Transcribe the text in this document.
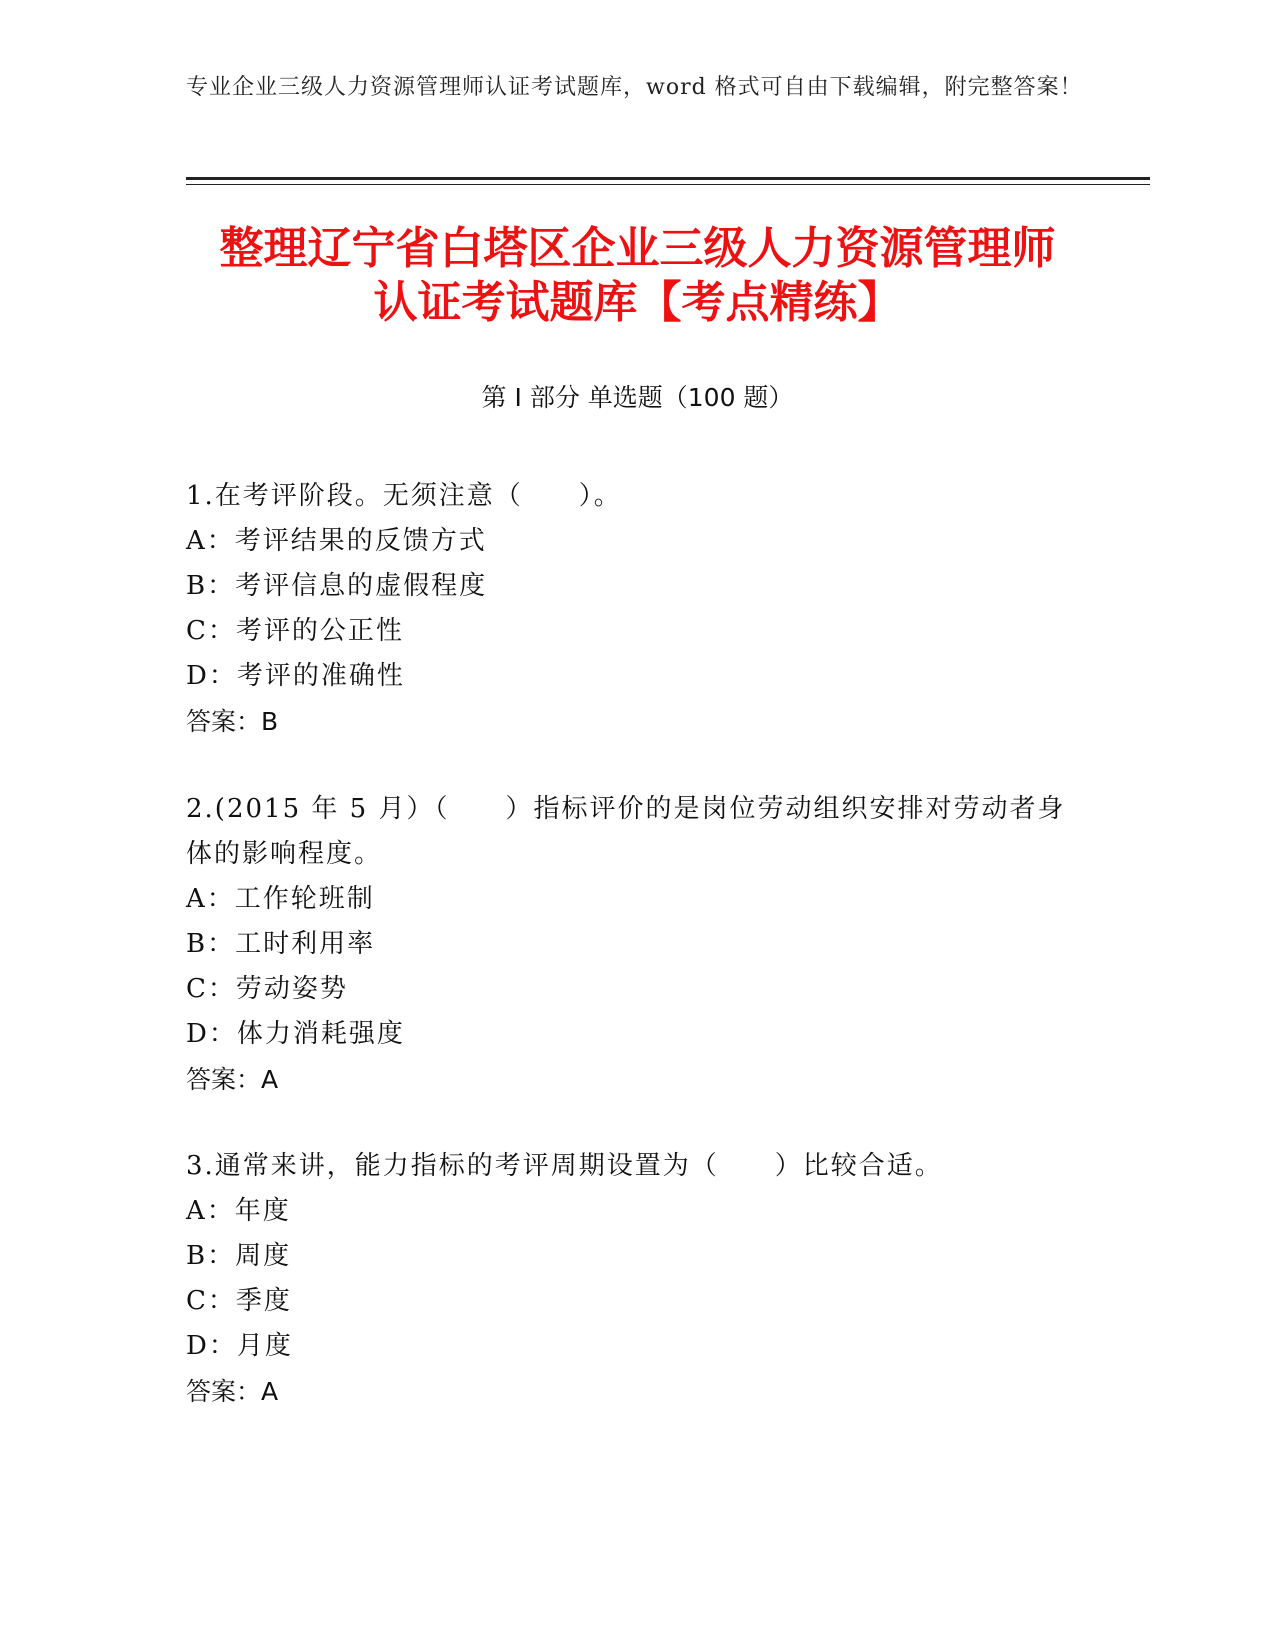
专业企业三级人力资源管理师认证考试题库，word 格式可自由下载编辑，附完整答案！
整理辽宁省白塔区企业三级人力资源管理师
认证考试题库【考点精练】
第 I 部分 单选题（100 题）

1.在考评阶段。无须注意（　　）。

A：考评结果的反馈方式

B：考评信息的虚假程度

C：考评的公正性

D：考评的准确性

答案：B

2.(2015 年 5 月）（　　）指标评价的是岗位劳动组织安排对劳动者身体的影响程度。

A：工作轮班制

B：工时利用率

C：劳动姿势

D：体力消耗强度

答案：A

3.通常来讲，能力指标的考评周期设置为（　　）比较合适。

A：年度

B：周度

C：季度

D：月度

答案：A
